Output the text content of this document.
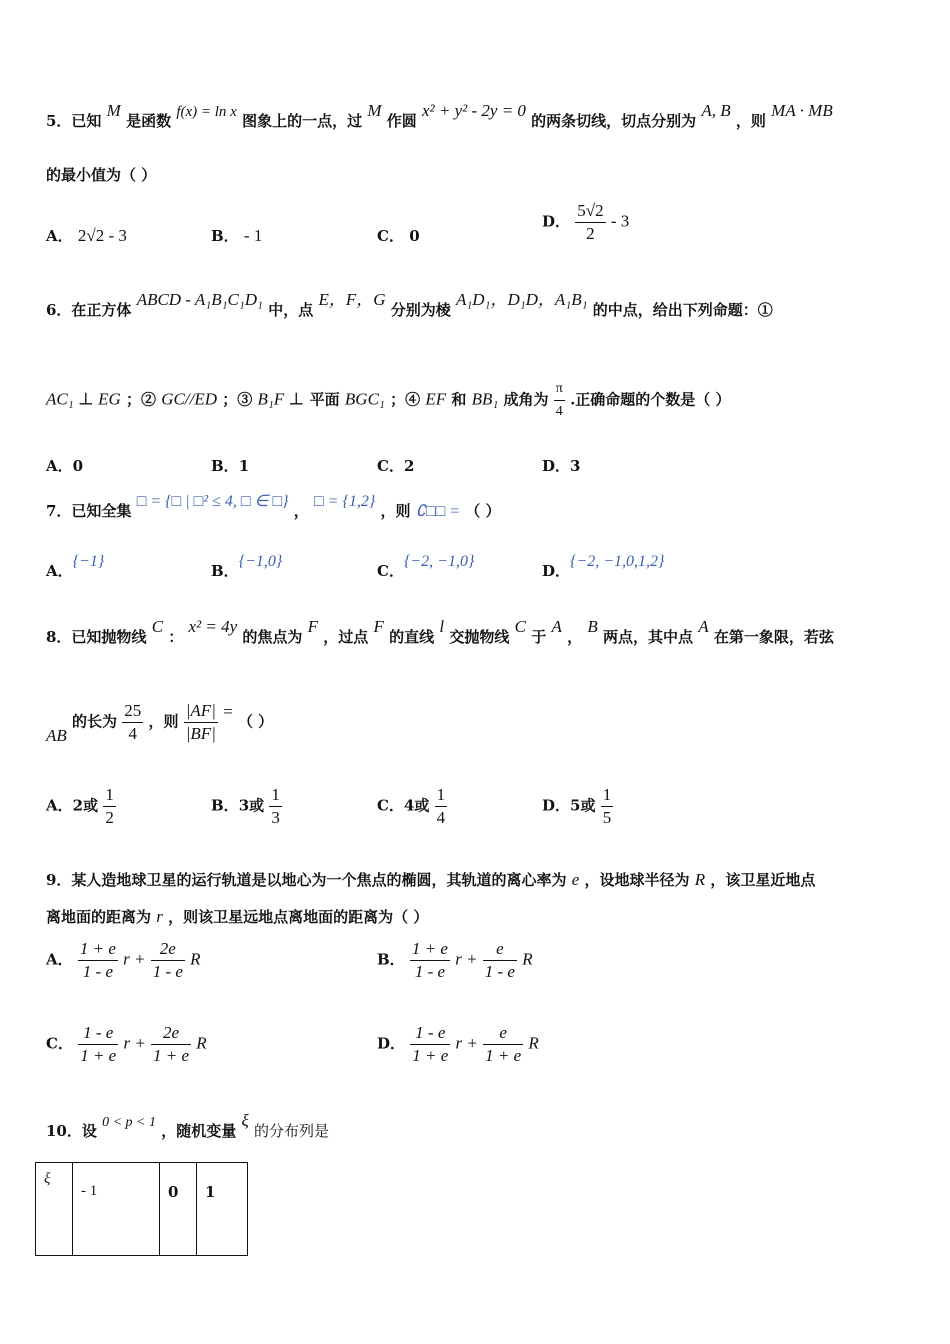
5．已知 M 是函数 f(x) = ln x 图象上的一点，过 M 作圆 x² + y² - 2y = 0 的两条切线，切点分别为 A, B ，则 MA · MB
的最小值为（ ）
A． 2√2 - 3	B． - 1	C． 0
D． $\frac{5√2}{2} - 3$
6．在正方体 ABCD - A₁B₁C₁D₁ 中，点 E，F，G 分别为棱 A₁D₁，D₁D，A₁B₁ 的中点，给出下列命题：①
AC₁ ⊥ EG ；② GC//ED ；③ B₁F ⊥ 平面 BGC₁ ；④ EF 和 BB₁ 成角为 $\frac{\pi}{4}$ .正确命题的个数是（ ）
A．0	B．1	C．2	D．3
7．已知全集 □ = {□ | □² ≤ 4, □ ∈ □} ， □ = {1,2} ，则 ∁□□ = （ ）
A．{−1}
B．{−1,0}
C．{−2, −1,0}
D．{−2, −1,0,1,2}
8．已知抛物线 C ： x² = 4y 的焦点为 F ，过点 F 的直线 l 交抛物线 C 于 A ， B 两点，其中点 A 在第一象限，若弦
AB 的长为 $\frac{25}{4}$ ，则 $\frac{|AF|}{|BF|}$ = （ ）
A．2或 $\frac{1}{2}$	B．3或 $\frac{1}{3}$	C．4或 $\frac{1}{4}$	D．5或 $\frac{1}{5}$
9．某人造地球卫星的运行轨道是以地心为一个焦点的椭圆，其轨道的离心率为 e ，设地球半径为 R ，该卫星近地点
离地面的距离为 r ，则该卫星远地点离地面的距离为（ ）
A． $\frac{1 + e}{1 - e}$ $r + \frac{2e}{1 - e}$ R	B． $\frac{1 + e}{1 - e}$ $r + \frac{e}{1 - e}$ R
C． $\frac{1 - e}{1 + e}$ $r + \frac{2e}{1 + e}$ R	D． $\frac{1 - e}{1 + e}$ $r + \frac{e}{1 + e}$ R
10．设 0 < p < 1 ，随机变量 ξ 的分布列是
ξ	- 1	0	1
